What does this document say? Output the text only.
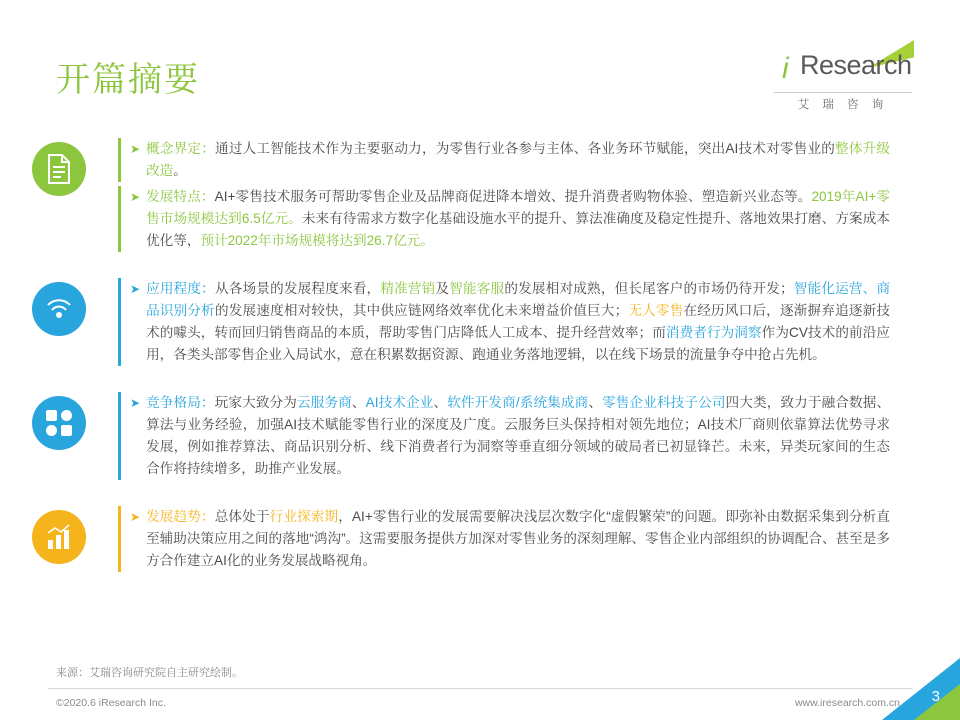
开篇摘要	i Research
艾 瑞 咨 询
➤ 概念界定：通过人工智能技术作为主要驱动力，为零售行业各参与主体、各业务环节赋能，突出AI技术对零售业的整体升级改造。
➤ 发展特点：AI+零售技术服务可帮助零售企业及品牌商促进降本增效、提升消费者购物体验、塑造新兴业态等。2019年AI+零售市场规模达到6.5亿元。未来有待需求方数字化基础设施水平的提升、算法准确度及稳定性提升、落地效果打磨、方案成本优化等，预计2022年市场规模将达到26.7亿元。
➤ 应用程度：从各场景的发展程度来看，精准营销及智能客服的发展相对成熟，但长尾客户的市场仍待开发；智能化运营、商品识别分析的发展速度相对较快，其中供应链网络效率优化未来增益价值巨大；无人零售在经历风口后，逐渐摒弃追逐新技术的噱头，转而回归销售商品的本质，帮助零售门店降低人工成本、提升经营效率；而消费者行为洞察作为CV技术的前沿应用，各类头部零售企业入局试水，意在积累数据资源、跑通业务落地逻辑，以在线下场景的流量争夺中抢占先机。
➤ 竞争格局：玩家大致分为云服务商、AI技术企业、软件开发商/系统集成商、零售企业科技子公司四大类，致力于融合数据、算法与业务经验，加强AI技术赋能零售行业的深度及广度。云服务巨头保持相对领先地位；AI技术厂商则依靠算法优势寻求发展，例如推荐算法、商品识别分析、线下消费者行为洞察等垂直细分领域的破局者已初显锋芒。未来，异类玩家间的生态合作将持续增多，助推产业发展。
➤ 发展趋势：总体处于行业探索期，AI+零售行业的发展需要解决浅层次数字化“虚假繁荣”的问题。即弥补由数据采集到分析直至辅助决策应用之间的落地“鸿沟”。这需要服务提供方加深对零售业务的深刻理解、零售企业内部组织的协调配合、甚至是多方合作建立AI化的业务发展战略视角。
来源：艾瑞咨询研究院自主研究绘制。
©2020.6 iResearch Inc.	www.iresearch.com.cn 3
